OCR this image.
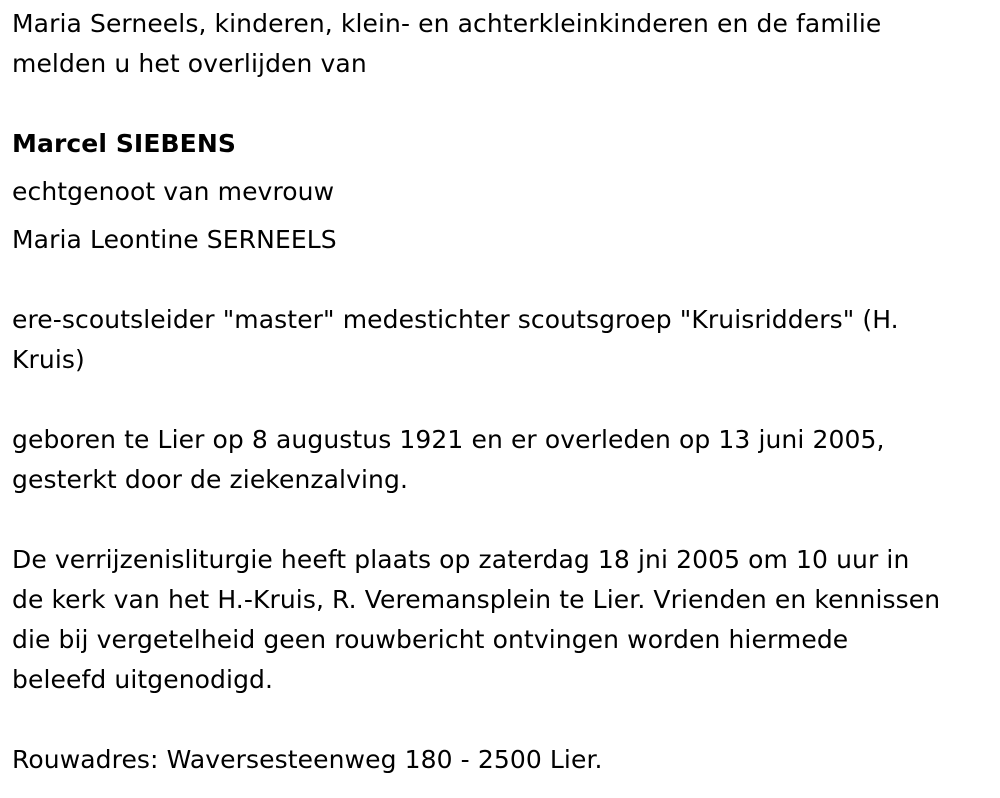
Maria Serneels, kinderen, klein- en achterkleinkinderen en de familie
melden u het overlijden van
Marcel SIEBENS
echtgenoot van mevrouw
Maria Leontine SERNEELS
ere-scoutsleider "master" medestichter scoutsgroep "Kruisridders" (H.
Kruis)
geboren te Lier op 8 augustus 1921 en er overleden op 13 juni 2005,
gesterkt door de ziekenzalving.
De verrijzenisliturgie heeft plaats op zaterdag 18 jni 2005 om 10 uur in
de kerk van het H.-Kruis, R. Veremansplein te Lier. Vrienden en kennissen
die bij vergetelheid geen rouwbericht ontvingen worden hiermede
beleefd uitgenodigd.
Rouwadres: Waversesteenweg 180 - 2500 Lier.
